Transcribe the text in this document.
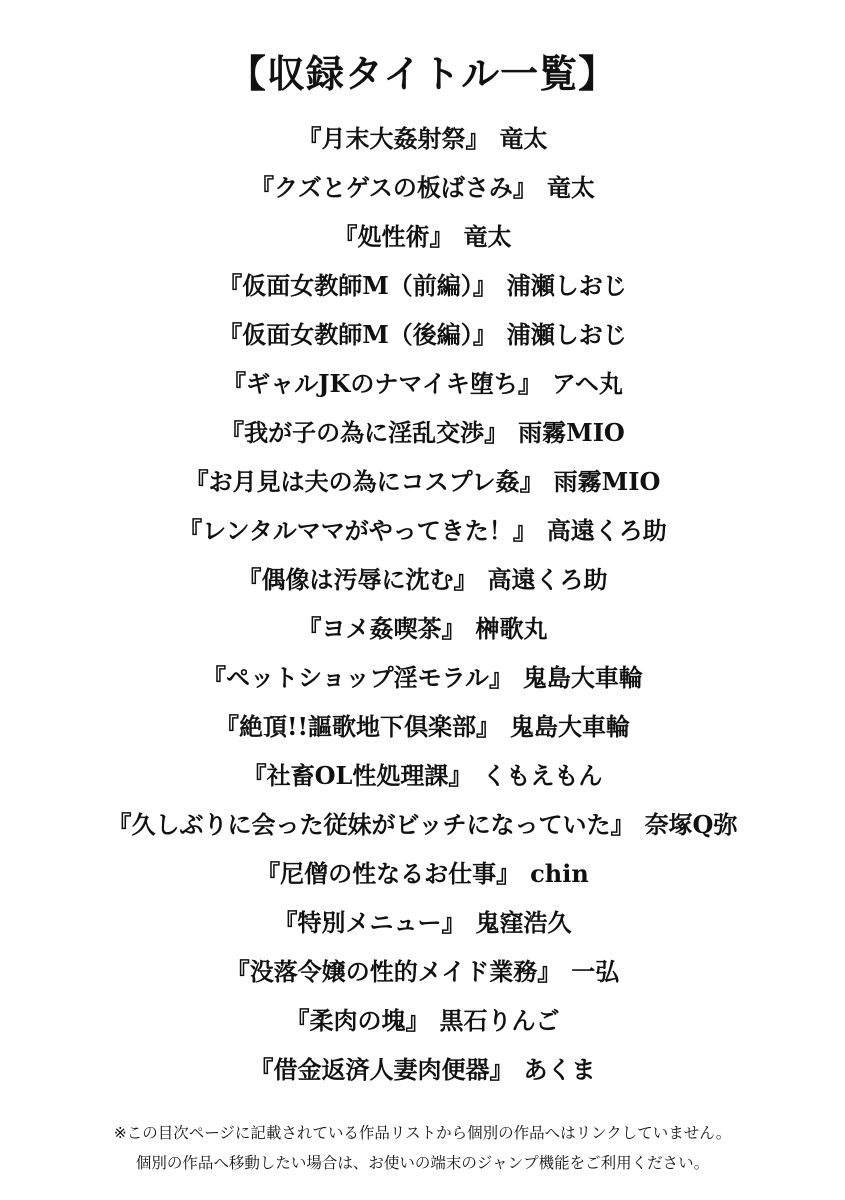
【収録タイトル一覧】
『月末大姦射祭』 竜太
『クズとゲスの板ばさみ』 竜太
『処性術』 竜太
『仮面女教師M（前編）』 浦瀬しおじ
『仮面女教師M（後編）』 浦瀬しおじ
『ギャルJKのナマイキ堕ち』 アヘ丸
『我が子の為に淫乱交渉』 雨霧MIO
『お月見は夫の為にコスプレ姦』 雨霧MIO
『レンタルママがやってきた！』 高遠くろ助
『偶像は汚辱に沈む』 高遠くろ助
『ヨメ姦喫茶』 榊歌丸
『ペットショップ淫モラル』 鬼島大車輪
『絶頂!!謳歌地下倶楽部』 鬼島大車輪
『社畜OL性処理課』 くもえもん
『久しぶりに会った従妹がビッチになっていた』 奈塚Q弥
『尼僧の性なるお仕事』 chin
『特別メニュー』 鬼窪浩久
『没落令嬢の性的メイド業務』 一弘
『柔肉の塊』 黒石りんご
『借金返済人妻肉便器』 あくま
※この目次ページに記載されている作品リストから個別の作品へはリンクしていません。
個別の作品へ移動したい場合は、お使いの端末のジャンプ機能をご利用ください。
